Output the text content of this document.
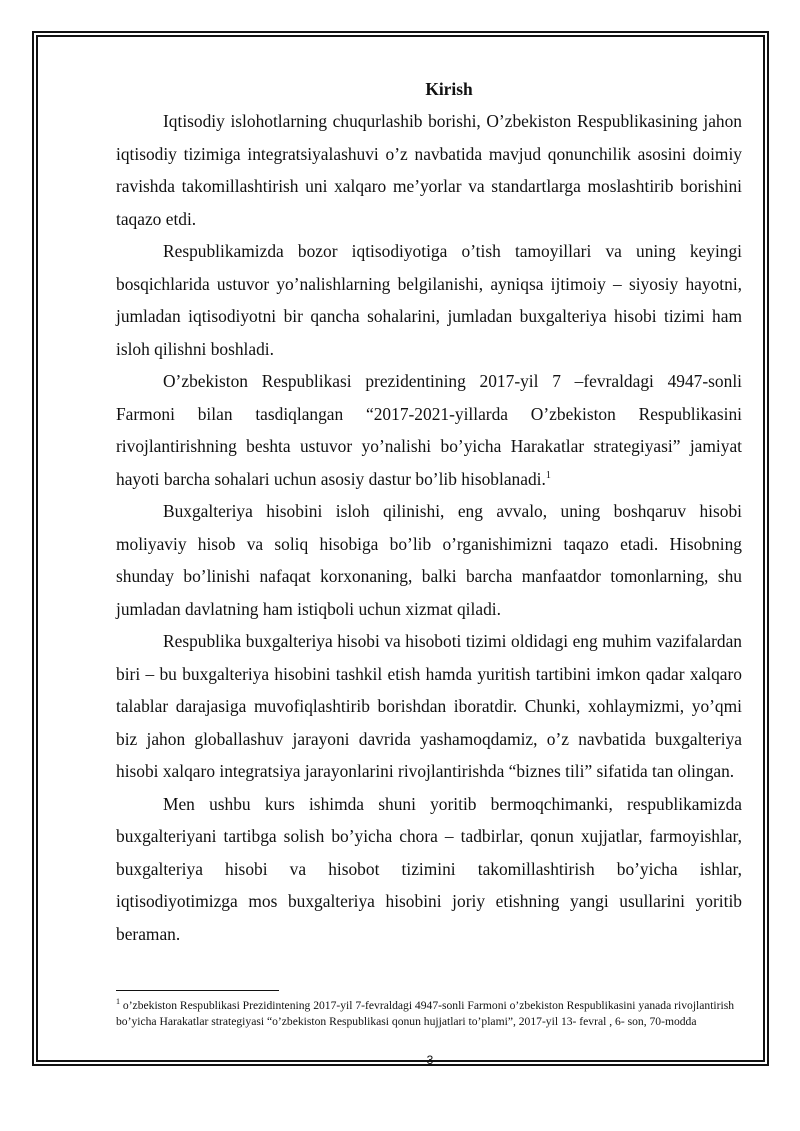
Kirish

Iqtisodiy islohotlarning chuqurlashib borishi, O’zbekiston Respublikasining jahon iqtisodiy tizimiga integratsiyalashuvi o’z navbatida mavjud qonunchilik asosini doimiy ravishda takomillashtirish uni xalqaro me’yorlar va standartlarga moslashtirib borishini taqazo etdi.

Respublikamizda bozor iqtisodiyotiga o’tish tamoyillari va uning keyingi bosqichlarida ustuvor yo’nalishlarning belgilanishi, ayniqsa ijtimoiy – siyosiy hayotni, jumladan iqtisodiyotni bir qancha sohalarini, jumladan buxgalteriya hisobi tizimi ham isloh qilishni boshladi.

O’zbekiston Respublikasi prezidentining 2017-yil 7 –fevraldagi 4947-sonli Farmoni bilan tasdiqlangan “2017-2021-yillarda O’zbekiston Respublikasini rivojlantirishning beshta ustuvor yo’nalishi bo’yicha Harakatlar strategiyasi” jamiyat hayoti barcha sohalari uchun asosiy dastur bo’lib hisoblanadi.$^1$

Buxgalteriya hisobini isloh qilinishi, eng avvalo, uning boshqaruv hisobi moliyaviy hisob va soliq hisobiga bo’lib o’rganishimizni taqazo etadi. Hisobning shunday bo’linishi nafaqat korxonaning, balki barcha manfaatdor tomonlarning, shu jumladan davlatning ham istiqboli uchun xizmat qiladi.

Respublika buxgalteriya hisobi va hisoboti tizimi oldidagi eng muhim vazifalardan biri – bu buxgalteriya hisobini tashkil etish hamda yuritish tartibini imkon qadar xalqaro talablar darajasiga muvofiqlashtirib borishdan iboratdir. Chunki, xohlaymizmi, yo’qmi biz jahon globallashuv jarayoni davrida yashamoqdamiz, o’z navbatida buxgalteriya hisobi xalqaro integratsiya jarayonlarini rivojlantirishda “biznes tili” sifatida tan olingan.

Men ushbu kurs ishimda shuni yoritib bermoqchimanki, respublikamizda buxgalteriyani tartibga solish bo’yicha chora – tadbirlar, qonun xujjatlar, farmoyishlar, buxgalteriya hisobi va hisobot tizimini takomillashtirish bo’yicha ishlar, iqtisodiyotimizga mos buxgalteriya hisobini joriy etishning yangi usullarini yoritib beraman.

$^1$ o’zbekiston Respublikasi Prezidintening 2017-yil 7-fevraldagi 4947-sonli Farmoni o’zbekiston Respublikasini yanada rivojlantirish bo’yicha Harakatlar strategiyasi “o’zbekiston Respublikasi qonun hujjatlari to’plami”, 2017-yil 13- fevral , 6- son, 70-modda
3
